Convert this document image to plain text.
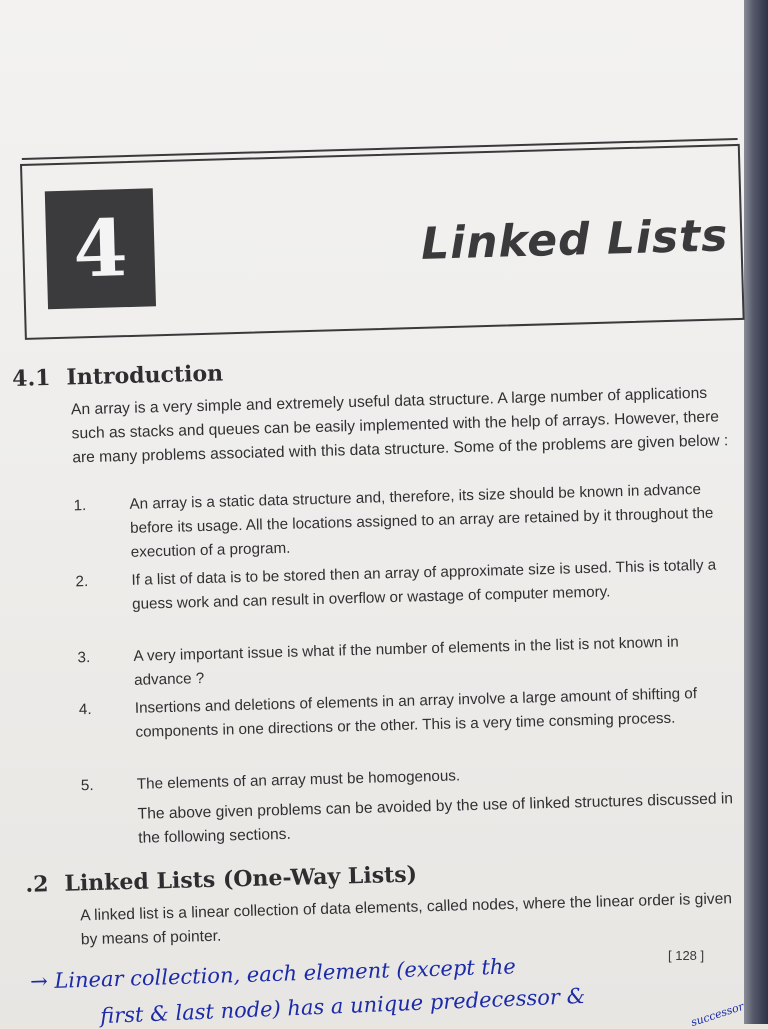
4	Linked Lists
4.1 Introduction
An array is a very simple and extremely useful data structure. A large number of applications such as stacks and queues can be easily implemented with the help of arrays. However, there are many problems associated with this data structure. Some of the problems are given below :
1.	An array is a static data structure and, therefore, its size should be known in advance before its usage. All the locations assigned to an array are retained by it throughout the execution of a program.
2.	If a list of data is to be stored then an array of approximate size is used. This is totally a guess work and can result in overflow or wastage of computer memory.
3.	A very important issue is what if the number of elements in the list is not known in advance ?
4.	Insertions and deletions of elements in an array involve a large amount of shifting of components in one directions or the other. This is a very time consming process.
5.	The elements of an array must be homogenous.
The above given problems can be avoided by the use of linked structures discussed in the following sections.
.2 Linked Lists (One-Way Lists)
A linked list is a linear collection of data elements, called nodes, where the linear order is given by means of pointer.
[ 128 ]
→ Linear collection, each element (except the
first & last node) has a unique predecessor &	successor
